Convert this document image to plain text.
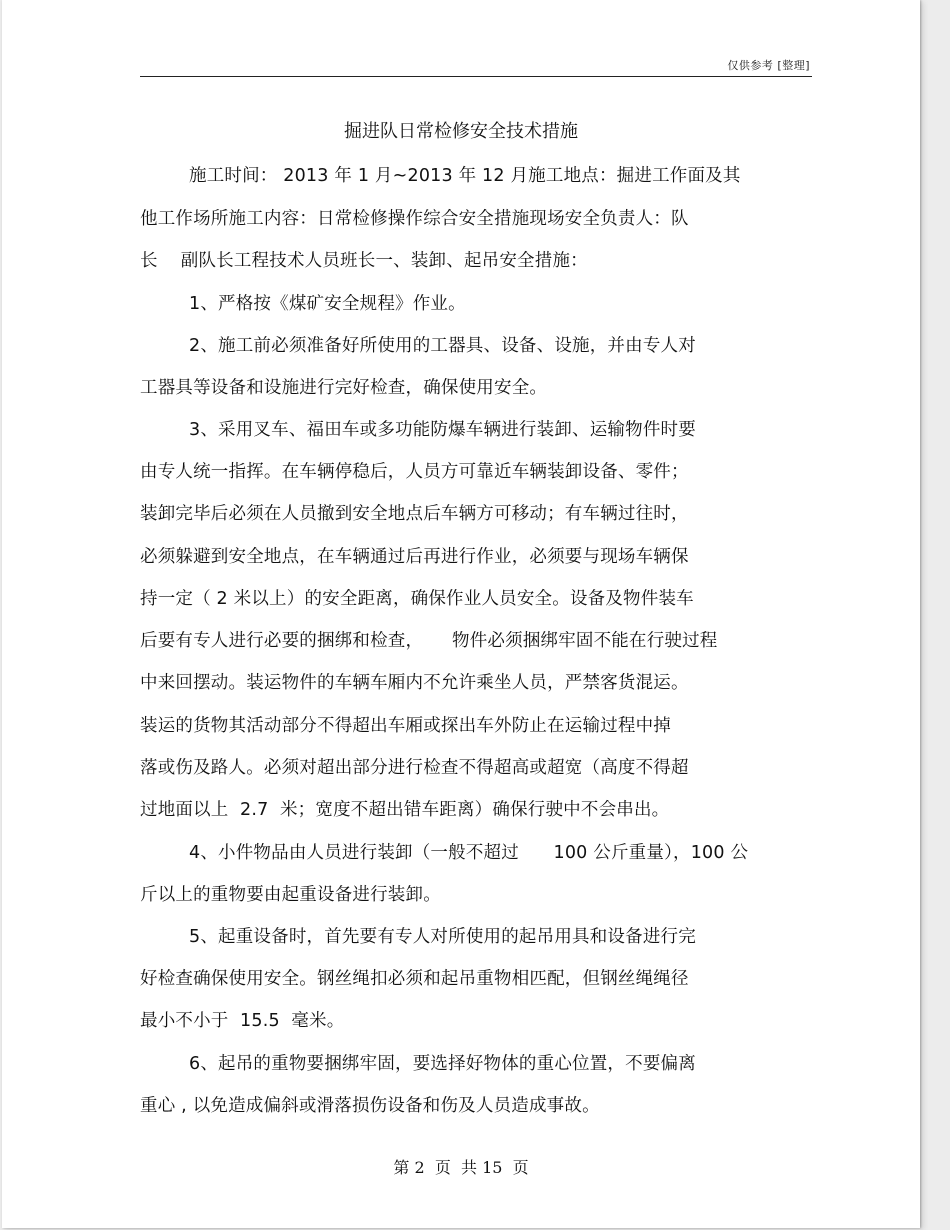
仅供参考 [整理]
掘进队日常检修安全技术措施
施工时间： 2013 年 1 月~2013 年 12 月施工地点：掘进工作面及其
他工作场所施工内容：日常检修操作综合安全措施现场安全负责人：队
长    副队长工程技术人员班长一、装卸、起吊安全措施：
1、严格按《煤矿安全规程》作业。
2、施工前必须准备好所使用的工器具、设备、设施，并由专人对
工器具等设备和设施进行完好检查，确保使用安全。
3、采用叉车、福田车或多功能防爆车辆进行装卸、运输物件时要
由专人统一指挥。在车辆停稳后，人员方可靠近车辆装卸设备、零件；
装卸完毕后必须在人员撤到安全地点后车辆方可移动；有车辆过往时，
必须躲避到安全地点，在车辆通过后再进行作业，必须要与现场车辆保
持一定（ 2 米以上）的安全距离，确保作业人员安全。设备及物件装车
后要有专人进行必要的捆绑和检查，     物件必须捆绑牢固不能在行驶过程
中来回摆动。装运物件的车辆车厢内不允许乘坐人员，严禁客货混运。
装运的货物其活动部分不得超出车厢或探出车外防止在运输过程中掉
落或伤及路人。必须对超出部分进行检查不得超高或超宽（高度不得超
过地面以上  2.7  米；宽度不超出错车距离）确保行驶中不会串出。
4、小件物品由人员进行装卸（一般不超过      100 公斤重量），100 公
斤以上的重物要由起重设备进行装卸。
5、起重设备时，首先要有专人对所使用的起吊用具和设备进行完
好检查确保使用安全。钢丝绳扣必须和起吊重物相匹配，但钢丝绳绳径
最小不小于  15.5  毫米。
6、起吊的重物要捆绑牢固，要选择好物体的重心位置，不要偏离
重心 , 以免造成偏斜或滑落损伤设备和伤及人员造成事故。
第 2  页  共 15  页
